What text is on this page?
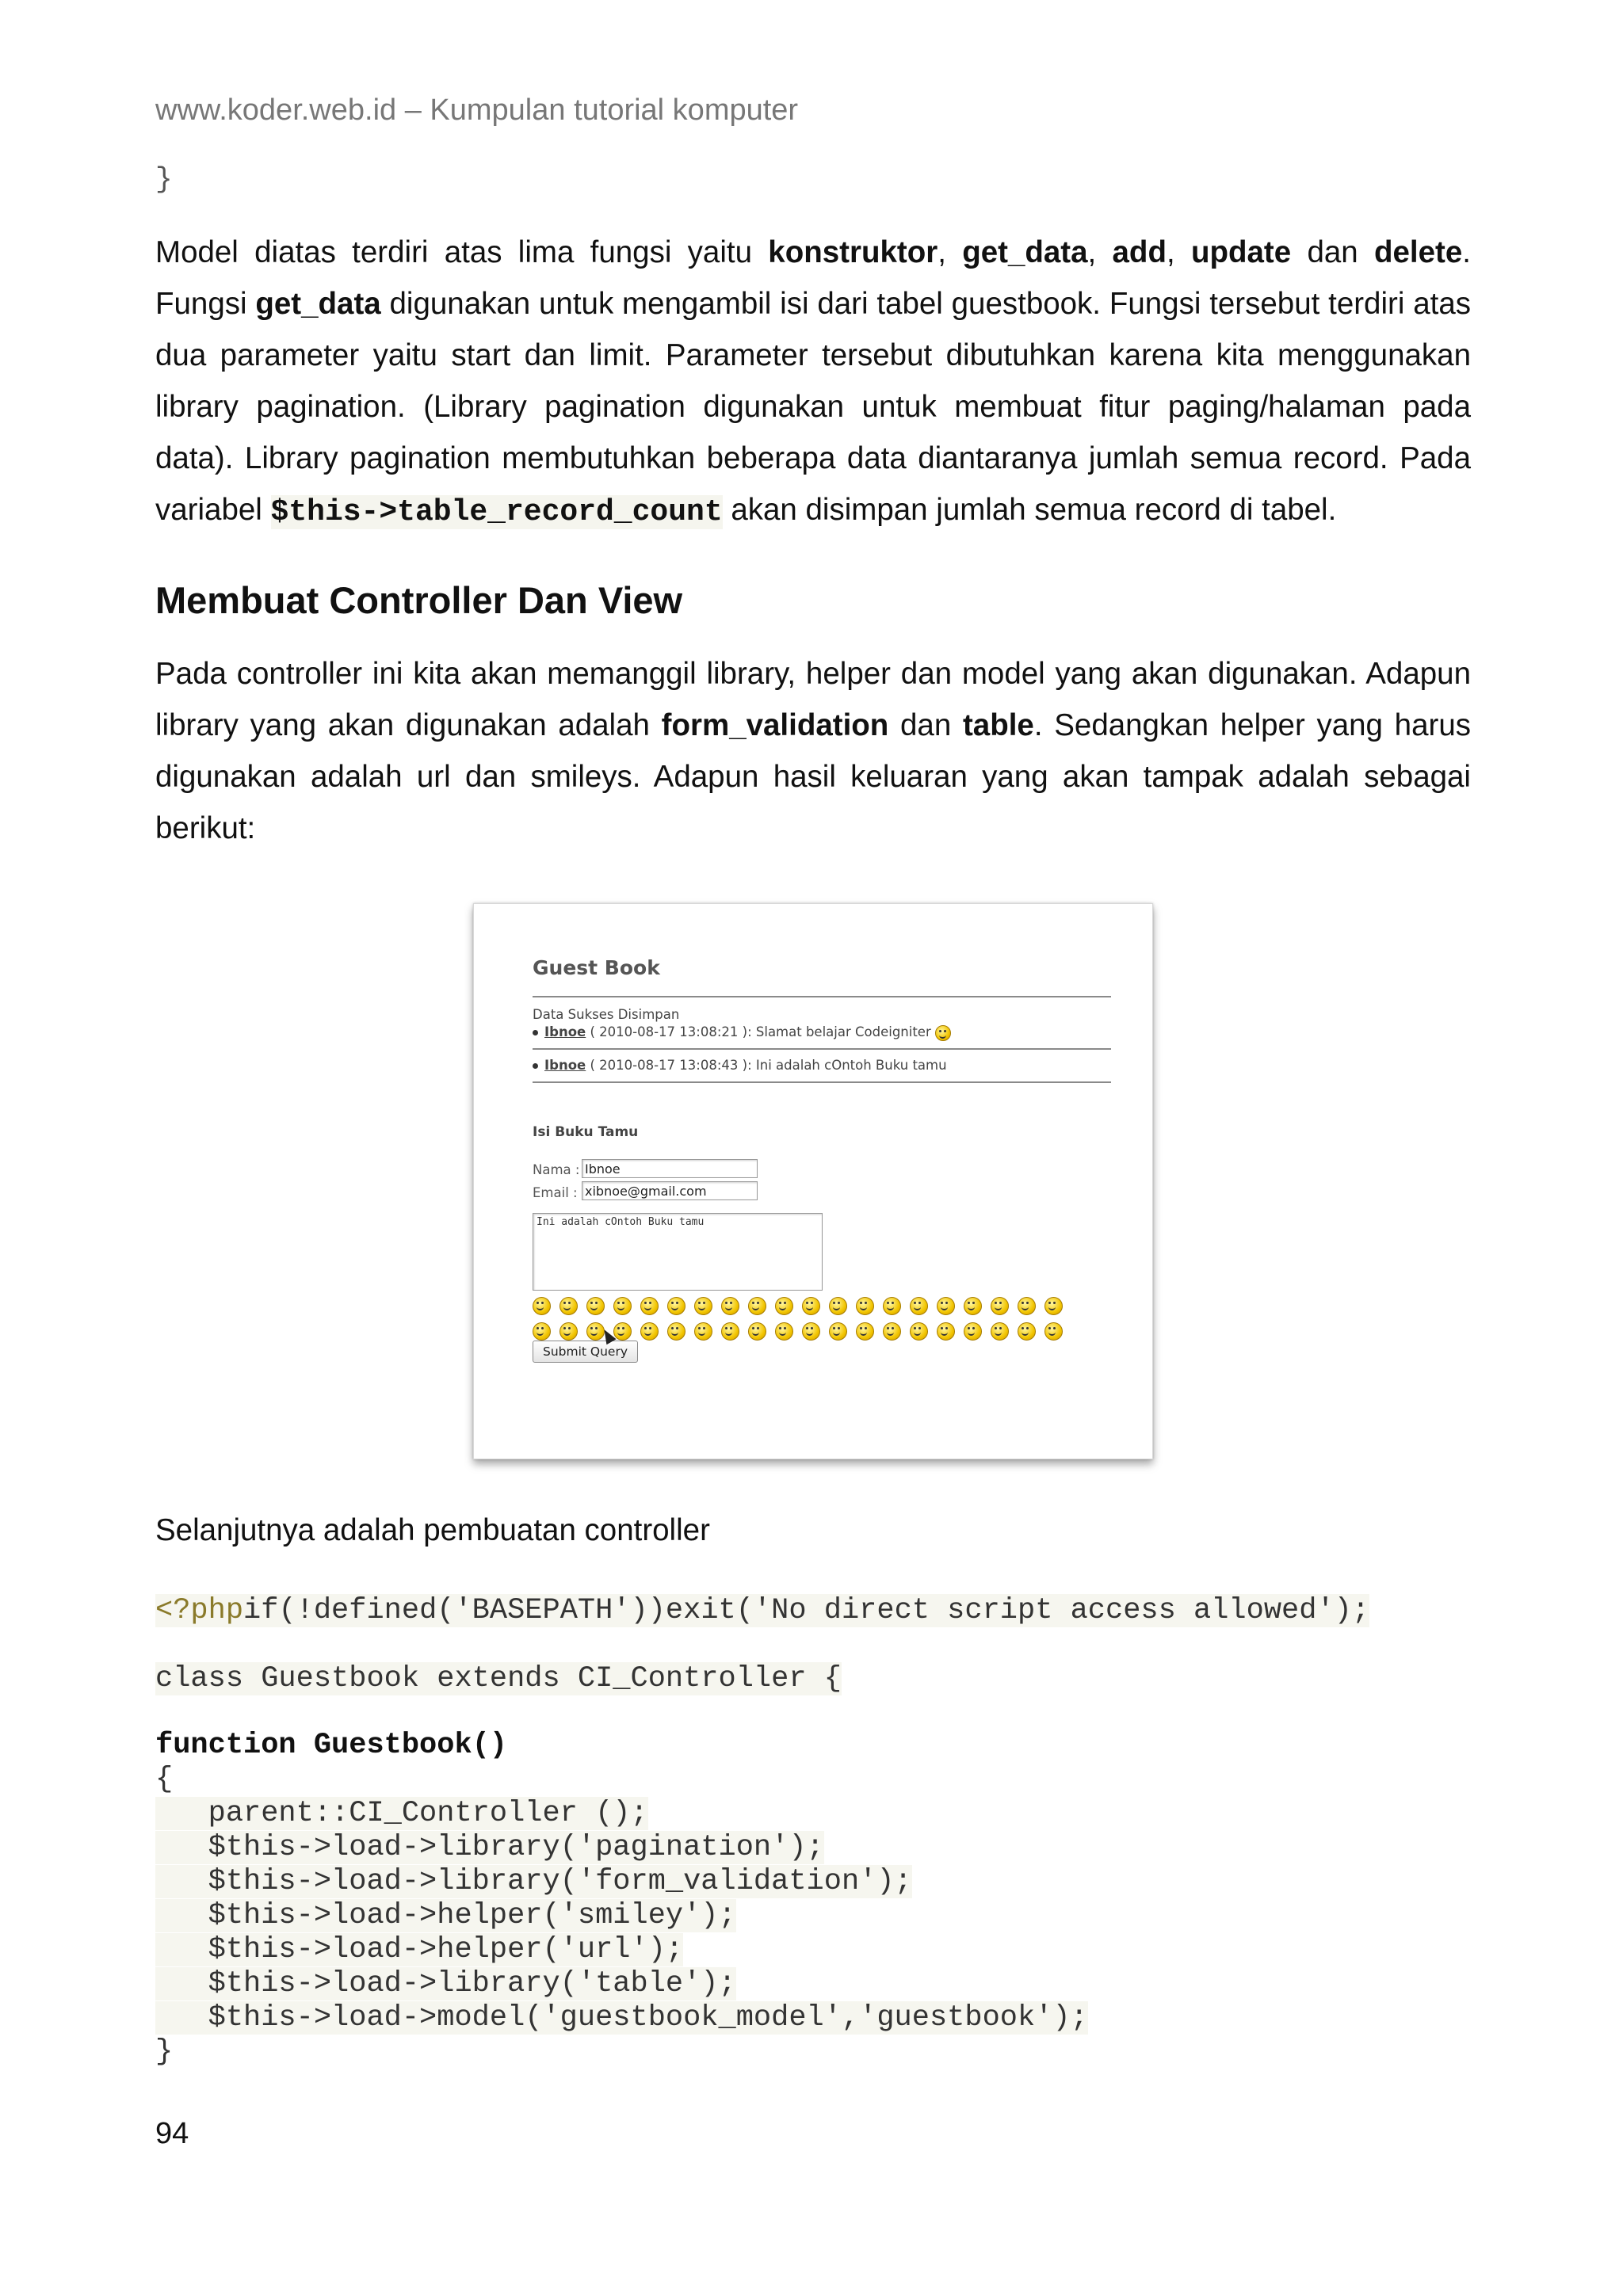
www.koder.web.id – Kumpulan tutorial komputer
}
Model diatas terdiri atas lima fungsi yaitu konstruktor, get_data, add, update dan delete. Fungsi get_data digunakan untuk mengambil isi dari tabel guestbook. Fungsi tersebut terdiri atas dua parameter yaitu start dan limit. Parameter tersebut dibutuhkan karena kita menggunakan library pagination. (Library pagination digunakan untuk membuat fitur paging/halaman pada data). Library pagination membutuhkan beberapa data diantaranya jumlah semua record. Pada variabel $this->table_record_count akan disimpan jumlah semua record di tabel.
Membuat Controller Dan View
Pada controller ini kita akan memanggil library, helper dan model yang akan digunakan. Adapun library yang akan digunakan adalah form_validation dan table. Sedangkan helper yang harus digunakan adalah url dan smileys. Adapun hasil keluaran yang akan tampak adalah sebagai berikut:
Guest Book
Data Sukses Disimpan
Ibnoe ( 2010-08-17 13:08:21 ): Slamat belajar Codeigniter
Ibnoe ( 2010-08-17 13:08:43 ): Ini adalah cOntoh Buku tamu
Isi Buku Tamu
Nama : Ibnoe
Email : xibnoe@gmail.com
Ini adalah cOntoh Buku tamu
Submit Query
Selanjutnya adalah pembuatan controller
<?phpif(!defined('BASEPATH'))exit('No direct script access allowed');
class Guestbook extends CI_Controller {
function Guestbook()
{
parent::CI_Controller ();
$this->load->library('pagination');
$this->load->library('form_validation');
$this->load->helper('smiley');
$this->load->helper('url');
$this->load->library('table');
$this->load->model('guestbook_model','guestbook');
}
94
